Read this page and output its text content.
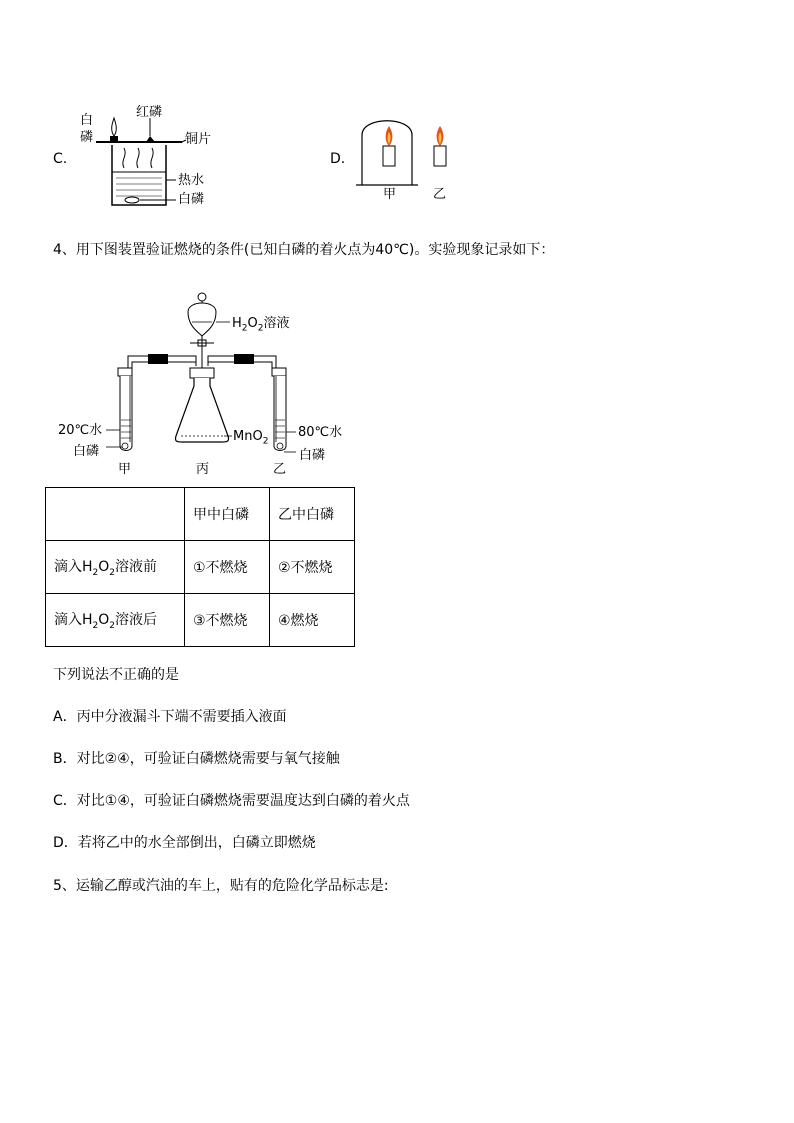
C.
白
磷
红磷
铜片
热水
白磷
D.
甲	乙
4、用下图装置验证燃烧的条件(已知白磷的着火点为40℃)。实验现象记录如下：
$H_2O_2$溶液
MnO$_2$
20℃水
白磷
80℃水
白磷
甲	丙	乙
	甲中白磷	乙中白磷
滴入$H_2O_2$溶液前	①不燃烧	②不燃烧
滴入$H_2O_2$溶液后	③不燃烧	④燃烧
下列说法不正确的是
A．丙中分液漏斗下端不需要插入液面
B．对比②④，可验证白磷燃烧需要与氧气接触
C．对比①④，可验证白磷燃烧需要温度达到白磷的着火点
D．若将乙中的水全部倒出，白磷立即燃烧
5、运输乙醇或汽油的车上，贴有的危险化学品标志是:
